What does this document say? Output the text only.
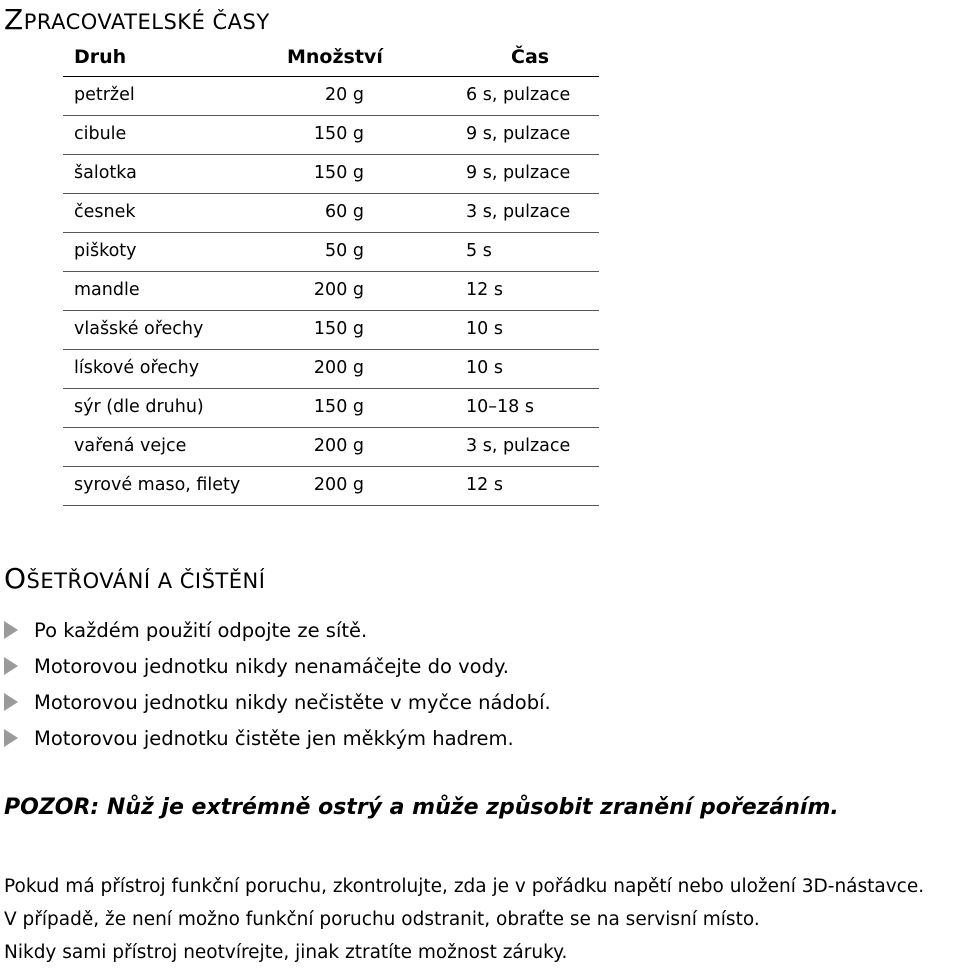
ZPRACOVATELSKÉ ČASY
Druh	Množství	Čas
petržel	20 g	6 s, pulzace
cibule	150 g	9 s, pulzace
šalotka	150 g	9 s, pulzace
česnek	60 g	3 s, pulzace
piškoty	50 g	5 s
mandle	200 g	12 s
vlašské ořechy	150 g	10 s
lískové ořechy	200 g	10 s
sýr (dle druhu)	150 g	10–18 s
vařená vejce	200 g	3 s, pulzace
syrové maso, filety	200 g	12 s
OŠETŘOVÁNÍ A ČIŠTĚNÍ
Po každém použití odpojte ze sítě.
Motorovou jednotku nikdy nenamáčejte do vody.
Motorovou jednotku nikdy nečistěte v myčce nádobí.
Motorovou jednotku čistěte jen měkkým hadrem.

POZOR: Nůž je extrémně ostrý a může způsobit zranění pořezáním.

Pokud má přístroj funkční poruchu, zkontrolujte, zda je v pořádku napětí nebo uložení 3D-nástavce.
V případě, že není možno funkční poruchu odstranit, obraťte se na servisní místo.
Nikdy sami přístroj neotvírejte, jinak ztratíte možnost záruky.
